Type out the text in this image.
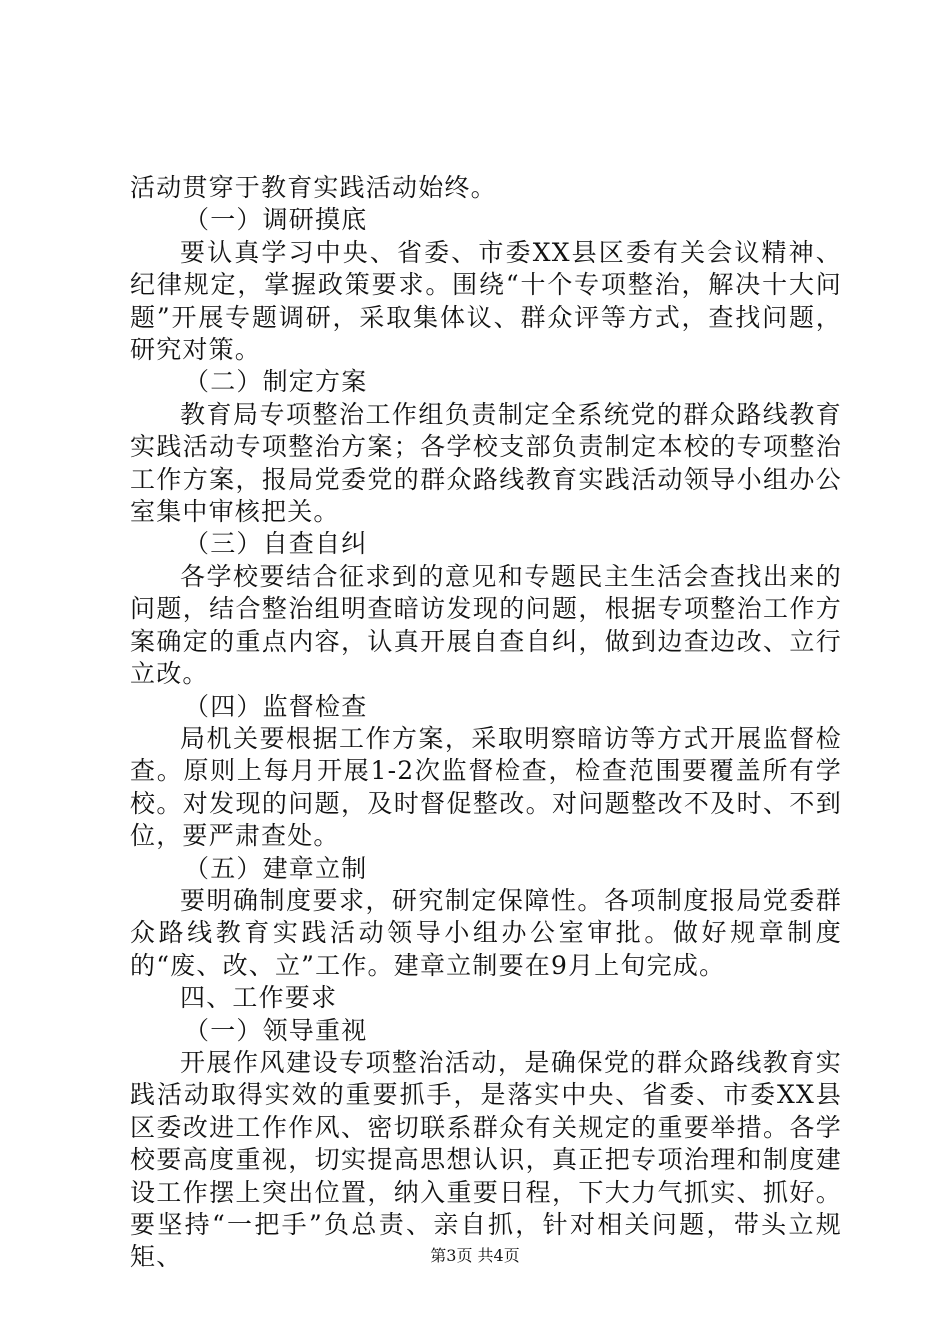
活动贯穿于教育实践活动始终。

（一）调研摸底

要认真学习中央、省委、市委XX县区委有关会议精神、纪律规定，掌握政策要求。围绕“十个专项整治，解决十大问题”开展专题调研，采取集体议、群众评等方式，查找问题，研究对策。

（二）制定方案

教育局专项整治工作组负责制定全系统党的群众路线教育实践活动专项整治方案；各学校支部负责制定本校的专项整治工作方案，报局党委党的群众路线教育实践活动领导小组办公室集中审核把关。

（三）自查自纠

各学校要结合征求到的意见和专题民主生活会查找出来的问题，结合整治组明查暗访发现的问题，根据专项整治工作方案确定的重点内容，认真开展自查自纠，做到边查边改、立行立改。

（四）监督检查

局机关要根据工作方案，采取明察暗访等方式开展监督检查。原则上每月开展1-2次监督检查，检查范围要覆盖所有学校。对发现的问题，及时督促整改。对问题整改不及时、不到位，要严肃查处。

（五）建章立制

要明确制度要求，研究制定保障性。各项制度报局党委群众路线教育实践活动领导小组办公室审批。做好规章制度的“废、改、立”工作。建章立制要在9月上旬完成。

四、工作要求

（一）领导重视

开展作风建设专项整治活动，是确保党的群众路线教育实践活动取得实效的重要抓手，是落实中央、省委、市委XX县区委改进工作作风、密切联系群众有关规定的重要举措。各学校要高度重视，切实提高思想认识，真正把专项治理和制度建设工作摆上突出位置，纳入重要日程，下大力气抓实、抓好。要坚持“一把手”负总责、亲自抓，针对相关问题，带头立规矩、	第3页 共4页
